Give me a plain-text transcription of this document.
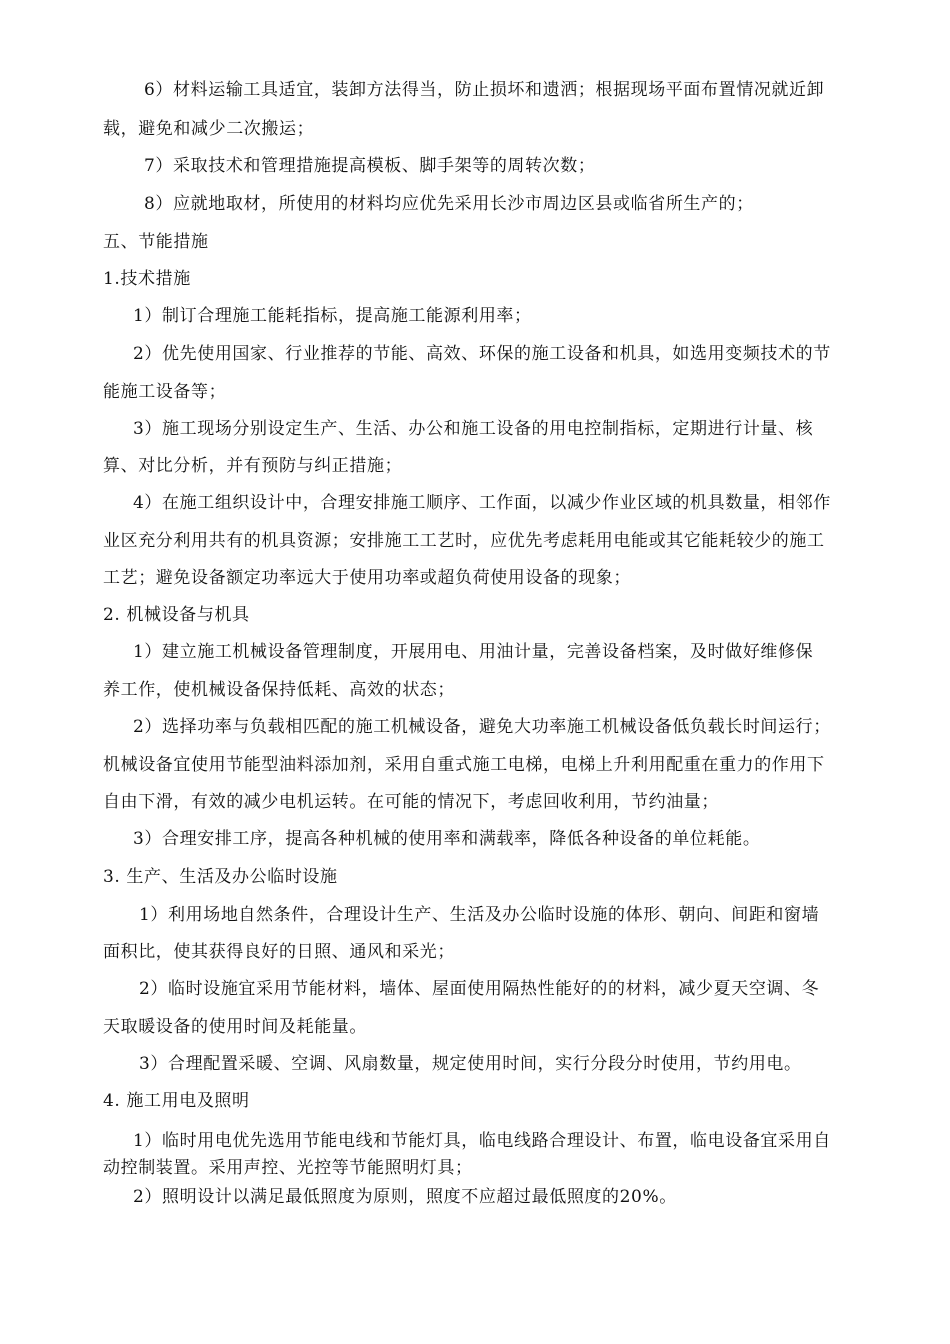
6）材料运输工具适宜，装卸方法得当，防止损坏和遗洒；根据现场平面布置情况就近卸
载，避免和减少二次搬运；
7）采取技术和管理措施提高模板、脚手架等的周转次数；
8）应就地取材，所使用的材料均应优先采用长沙市周边区县或临省所生产的；
五、节能措施
1.技术措施
1）制订合理施工能耗指标，提高施工能源利用率；
2）优先使用国家、行业推荐的节能、高效、环保的施工设备和机具，如选用变频技术的节
能施工设备等；
3）施工现场分别设定生产、生活、办公和施工设备的用电控制指标，定期进行计量、核
算、对比分析，并有预防与纠正措施；
4）在施工组织设计中，合理安排施工顺序、工作面，以减少作业区域的机具数量，相邻作
业区充分利用共有的机具资源；安排施工工艺时，应优先考虑耗用电能或其它能耗较少的施工
工艺；避免设备额定功率远大于使用功率或超负荷使用设备的现象；
2. 机械设备与机具
1）建立施工机械设备管理制度，开展用电、用油计量，完善设备档案，及时做好维修保
养工作，使机械设备保持低耗、高效的状态；
2）选择功率与负载相匹配的施工机械设备，避免大功率施工机械设备低负载长时间运行；
机械设备宜使用节能型油料添加剂，采用自重式施工电梯，电梯上升利用配重在重力的作用下
自由下滑，有效的减少电机运转。在可能的情况下，考虑回收利用，节约油量；
3）合理安排工序，提高各种机械的使用率和满载率，降低各种设备的单位耗能。
3. 生产、生活及办公临时设施
1）利用场地自然条件，合理设计生产、生活及办公临时设施的体形、朝向、间距和窗墙
面积比，使其获得良好的日照、通风和采光；
2）临时设施宜采用节能材料，墙体、屋面使用隔热性能好的的材料，减少夏天空调、冬
天取暖设备的使用时间及耗能量。
3）合理配置采暖、空调、风扇数量，规定使用时间，实行分段分时使用，节约用电。
4. 施工用电及照明
1）临时用电优先选用节能电线和节能灯具，临电线路合理设计、布置，临电设备宜采用自
动控制装置。采用声控、光控等节能照明灯具；
2）照明设计以满足最低照度为原则，照度不应超过最低照度的20%。
